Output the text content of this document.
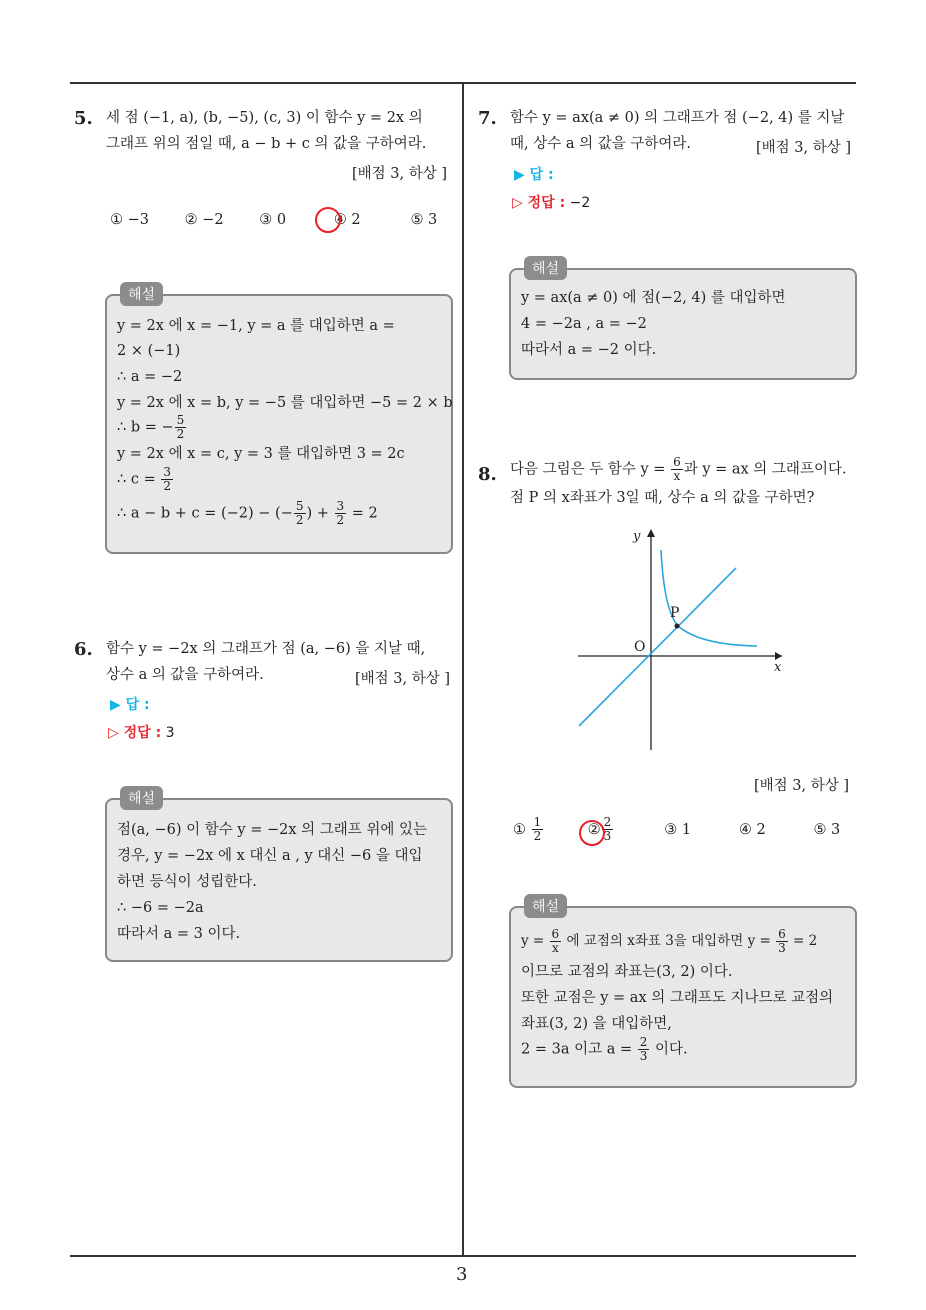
5. 세 점 (−1, a), (b, −5), (c, 3) 이 함수 y = 2x 의
그래프 위의 점일 때, a − b + c 의 값을 구하여라.
[배점 3, 하상 ]
① −3 ② −2 ③ 0	④ 2	⑤ 3
해설
y = 2x 에 x = −1, y = a 를 대입하면 a =
2 × (−1)
∴ a = −2
y = 2x 에 x = b, y = −5 를 대입하면 −5 = 2 × b
∴ b = − $\frac{5}{2}$
y = 2x 에 x = c, y = 3 를 대입하면 3 = 2c
∴ $c = \frac{3}{2}$
∴ a − b + c = (−2) − (− $\frac{5}{2}$ ) + $\frac{3}{2} = 2$
6. 함수 y = −2x 의 그래프가 점 (a, −6) 을 지날 때,
상수 a 의 값을 구하여라.	[배점 3, 하상 ]
▶ 답 :
▷ 정답 : 3
해설
점(a, −6) 이 함수 y = −2x 의 그래프 위에 있는
경우, y = −2x 에 x 대신 a , y 대신 −6 을 대입
하면 등식이 성립한다.
∴ −6 = −2a
따라서 a = 3 이다.
7. 함수 y = ax(a ≠ 0) 의 그래프가 점 (−2, 4) 를 지날
때, 상수 a 의 값을 구하여라.	[배점 3, 하상 ]
▶ 답 :
▷ 정답 : −2
해설
y = ax(a ≠ 0) 에 점(−2, 4) 를 대입하면
4 = −2a , a = −2
따라서 a = −2 이다.
8. 다음 그림은 두 함수 $y = \frac{6}{x}$ 과 y = ax 의 그래프이다.
점 P 의 x좌표가 3일 때, 상수 a 의 값을 구하면?
P
O
x
y
[배점 3, 하상 ]
① $\frac{1}{2}$	② $\frac{2}{3}$	③ 1	④ 2	⑤ 3
해설
$y = \frac{6}{x}$ 에 교점의 x좌표 3을 대입하면 $y = \frac{6}{3} = 2$
이므로 교점의 좌표는(3, 2) 이다.
또한 교점은 y = ax 의 그래프도 지나므로 교점의
좌표(3, 2) 을 대입하면,
2 = 3a 이고 $a = \frac{2}{3}$ 이다.
3
